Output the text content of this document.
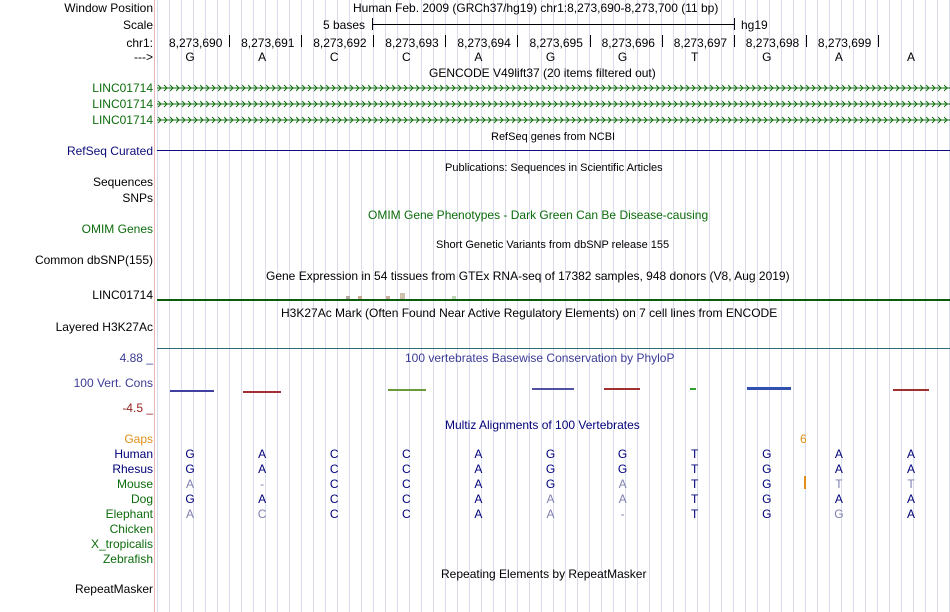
Window Position	Human Feb. 2009 (GRCh37/hg19) chr1:8,273,690-8,273,700 (11 bp)
Scale	5 bases	hg19
chr1: 8,273,690 8,273,691 8,273,692 8,273,693 8,273,694 8,273,695 8,273,696 8,273,697 8,273,698 8,273,699
--->	G	A	C	C	A	G	G	T	G	A	A
GENCODE V49lift37 (20 items filtered out)
LINC01714
LINC01714
LINC01714
RefSeq genes from NCBI
RefSeq Curated
Publications: Sequences in Scientific Articles
Sequences
SNPs
OMIM Gene Phenotypes - Dark Green Can Be Disease-causing
OMIM Genes
Short Genetic Variants from dbSNP release 155
Common dbSNP(155)
Gene Expression in 54 tissues from GTEx RNA-seq of 17382 samples, 948 donors (V8, Aug 2019)
LINC01714
H3K27Ac Mark (Often Found Near Active Regulatory Elements) on 7 cell lines from ENCODE
Layered H3K27Ac
100 vertebrates Basewise Conservation by PhyloP
4.88 _
100 Vert. Cons
-4.5 _
Multiz Alignments of 100 Vertebrates
Gaps	6
Human	G	A	C	C	A	G	G	T	G	A	A
Rhesus	G	A	C	C	A	G	G	T	G	A	A
Mouse	A	-	C	C	A	G	A	T	G	T	T
Dog	G	A	C	C	A	A	A	T	G	A	A
Elephant	A	C	C	C	A	A	-	T	G	G	A
Chicken
X_tropicalis
Zebrafish
Repeating Elements by RepeatMasker
RepeatMasker
